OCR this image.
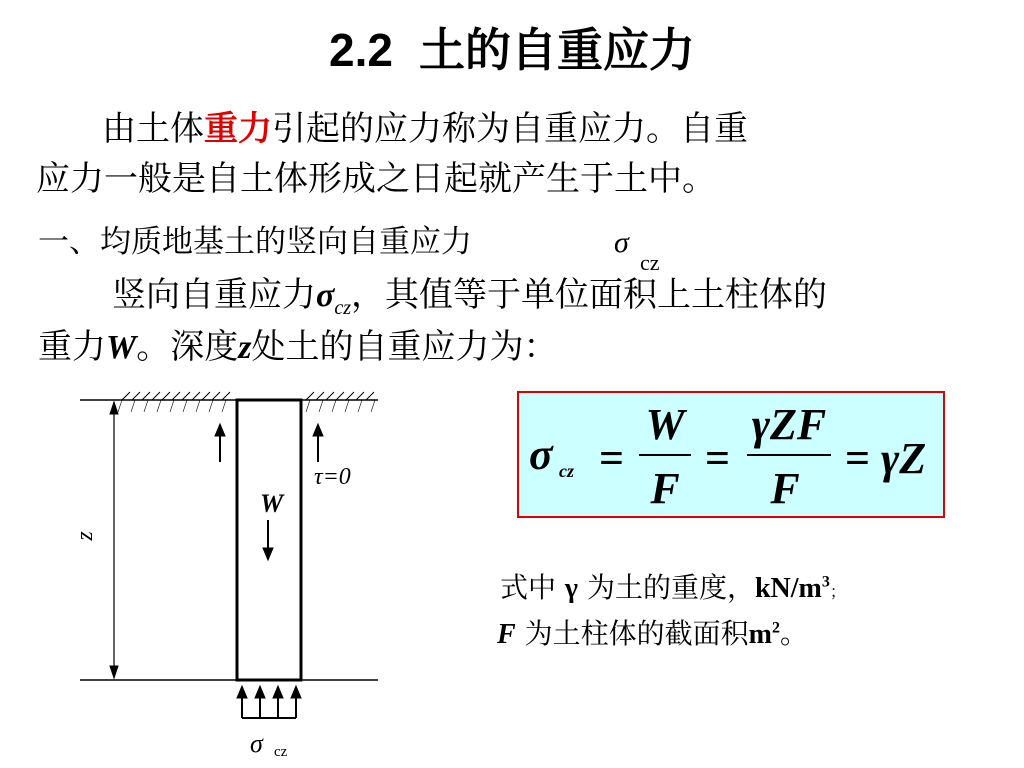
2.2 土的自重应力
由土体重力引起的应力称为自重应力。自重
应力一般是自土体形成之日起就产生于土中。
一、均质地基土的竖向自重应力	σ
cz
竖向自重应力$\sigma_{cz}$，其值等于单位面积上土柱体的
重力W。深度z处土的自重应力为：
z
W
τ=0
σ cz
σ cz =
W
F
=
γZF
F
= γZ
式中 γ 为土的重度，$kN/m^3$；
F 为土柱体的截面积$m^2$。
